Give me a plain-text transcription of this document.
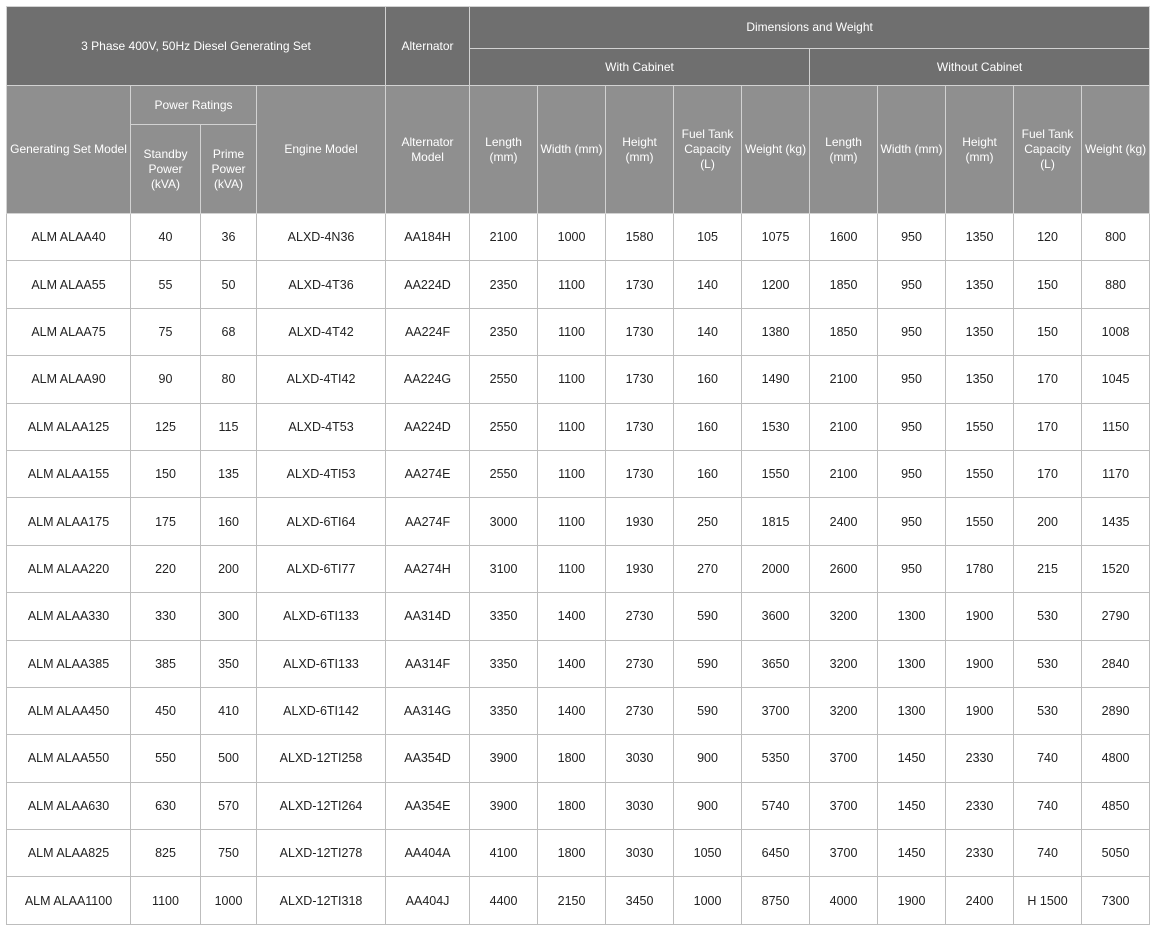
3 Phase 400V, 50Hz Diesel Generating Set				Alternator	Dimensions and Weight									
					With Cabinet					Without Cabinet				
Generating Set Model	Power Ratings		Engine Model	Alternator Model	Length (mm)	Width (mm)	Height (mm)	Fuel Tank Capacity (L)	Weight (kg)	Length (mm)	Width (mm)	Height (mm)	Fuel Tank Capacity (L)	Weight (kg)
	Standby Power (kVA)	Prime Power (kVA)												
ALM ALAA40	40	36	ALXD-4N36	AA184H	2100	1000	1580	105	1075	1600	950	1350	120	800
ALM ALAA55	55	50	ALXD-4T36	AA224D	2350	1100	1730	140	1200	1850	950	1350	150	880
ALM ALAA75	75	68	ALXD-4T42	AA224F	2350	1100	1730	140	1380	1850	950	1350	150	1008
ALM ALAA90	90	80	ALXD-4TI42	AA224G	2550	1100	1730	160	1490	2100	950	1350	170	1045
ALM ALAA125	125	115	ALXD-4T53	AA224D	2550	1100	1730	160	1530	2100	950	1550	170	1150
ALM ALAA155	150	135	ALXD-4TI53	AA274E	2550	1100	1730	160	1550	2100	950	1550	170	1170
ALM ALAA175	175	160	ALXD-6TI64	AA274F	3000	1100	1930	250	1815	2400	950	1550	200	1435
ALM ALAA220	220	200	ALXD-6TI77	AA274H	3100	1100	1930	270	2000	2600	950	1780	215	1520
ALM ALAA330	330	300	ALXD-6TI133	AA314D	3350	1400	2730	590	3600	3200	1300	1900	530	2790
ALM ALAA385	385	350	ALXD-6TI133	AA314F	3350	1400	2730	590	3650	3200	1300	1900	530	2840
ALM ALAA450	450	410	ALXD-6TI142	AA314G	3350	1400	2730	590	3700	3200	1300	1900	530	2890
ALM ALAA550	550	500	ALXD-12TI258	AA354D	3900	1800	3030	900	5350	3700	1450	2330	740	4800
ALM ALAA630	630	570	ALXD-12TI264	AA354E	3900	1800	3030	900	5740	3700	1450	2330	740	4850
ALM ALAA825	825	750	ALXD-12TI278	AA404A	4100	1800	3030	1050	6450	3700	1450	2330	740	5050
ALM ALAA1100	1100	1000	ALXD-12TI318	AA404J	4400	2150	3450	1000	8750	4000	1900	2400	H 1500	7300
